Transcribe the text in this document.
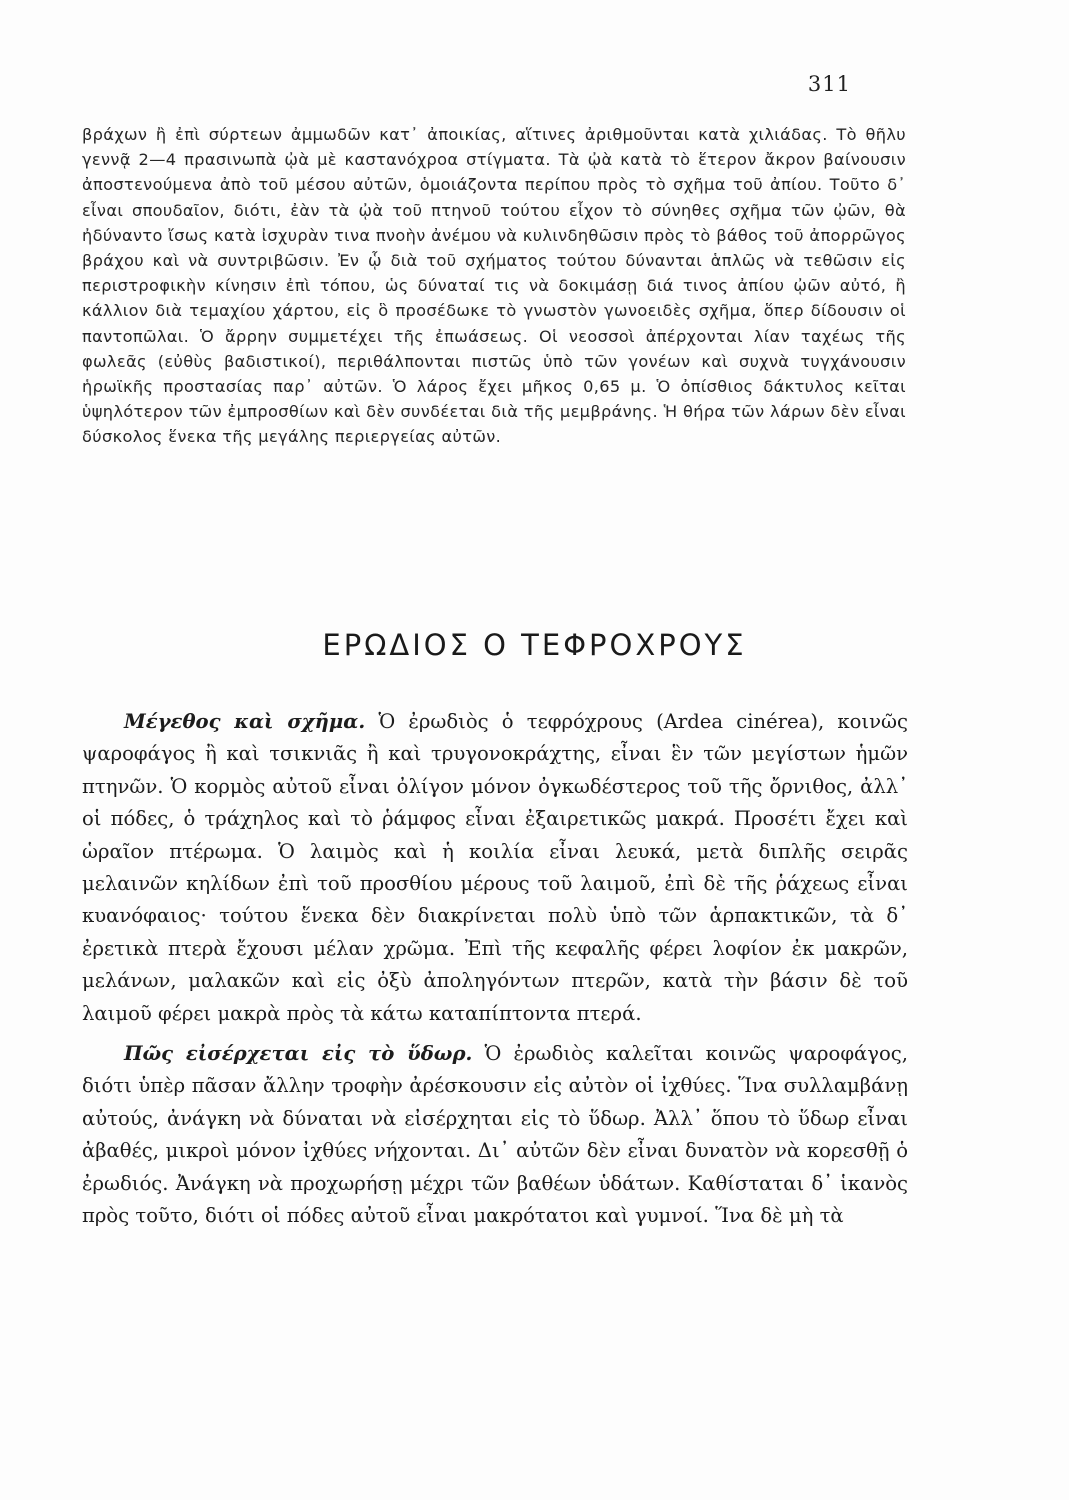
311

βράχων ἢ ἐπὶ σύρτεων ἀμμωδῶν κατ᾽ ἀποικίας, αἵτινες ἀριθμοῦνται κατὰ χιλιάδας. Τὸ θῆλυ γεννᾷ 2—4 πρασινωπὰ ᾠὰ μὲ καστανόχροα στίγματα. Τὰ ᾠὰ κατὰ τὸ ἕτερον ἄκρον βαίνουσιν ἀποστενούμενα ἀπὸ τοῦ μέσου αὐτῶν, ὁμοιάζοντα περίπου πρὸς τὸ σχῆμα τοῦ ἀπίου. Τοῦτο δ᾽ εἶναι σπουδαῖον, διότι, ἐὰν τὰ ᾠὰ τοῦ πτηνοῦ τούτου εἶχον τὸ σύνηθες σχῆμα τῶν ᾠῶν, θὰ ἠδύναντο ἴσως κατὰ ἰσχυρὰν τινα πνοὴν ἀνέμου νὰ κυλινδηθῶσιν πρὸς τὸ βάθος τοῦ ἀπορρῶγος βράχου καὶ νὰ συντριβῶσιν. Ἐν ᾧ διὰ τοῦ σχήματος τούτου δύνανται ἁπλῶς νὰ τεθῶσιν εἰς περιστροφικὴν κίνησιν ἐπὶ τόπου, ὡς δύναταί τις νὰ δοκιμάσῃ διά τινος ἀπίου ᾠῶν αὐτό, ἢ κάλλιον διὰ τεμαχίου χάρτου, εἰς ὃ προσέδωκε τὸ γνωστὸν γωνοειδὲς σχῆμα, ὅπερ δίδουσιν οἱ παντοπῶλαι. Ὁ ἄρρην συμμετέχει τῆς ἐπωάσεως. Οἱ νεοσσοὶ ἀπέρχονται λίαν ταχέως τῆς φωλεᾶς (εὐθὺς βαδιστικοί), περιθάλπονται πιστῶς ὑπὸ τῶν γονέων καὶ συχνὰ τυγχάνουσιν ἡρωϊκῆς προστασίας παρ᾽ αὐτῶν. Ὁ λάρος ἔχει μῆκος 0,65 μ. Ὁ ὀπίσθιος δάκτυλος κεῖται ὑψηλότερον τῶν ἐμπροσθίων καὶ δὲν συνδέεται διὰ τῆς μεμβράνης. Ἡ θήρα τῶν λάρων δὲν εἶναι δύσκολος ἕνεκα τῆς μεγάλης περιεργείας αὐτῶν.

ΕΡΩΔΙΟΣ Ο ΤΕΦΡΟΧΡΟΥΣ

Μέγεθος καὶ σχῆμα. Ὁ ἐρωδιὸς ὁ τεφρόχρους (Ardea cinérea), κοινῶς ψαροφάγος ἢ καὶ τσικνιᾶς ἢ καὶ τρυγονοκράχτης, εἶναι ἓν τῶν μεγίστων ἡμῶν πτηνῶν. Ὁ κορμὸς αὐτοῦ εἶναι ὀλίγον μόνον ὀγκωδέστερος τοῦ τῆς ὄρνιθος, ἀλλ᾽ οἱ πόδες, ὁ τράχηλος καὶ τὸ ῥάμφος εἶναι ἐξαιρετικῶς μακρά. Προσέτι ἔχει καὶ ὡραῖον πτέρωμα. Ὁ λαιμὸς καὶ ἡ κοιλία εἶναι λευκά, μετὰ διπλῆς σειρᾶς μελαινῶν κηλίδων ἐπὶ τοῦ προσθίου μέρους τοῦ λαιμοῦ, ἐπὶ δὲ τῆς ῥάχεως εἶναι κυανόφαιος· τούτου ἕνεκα δὲν διακρίνεται πολὺ ὑπὸ τῶν ἁρπακτικῶν, τὰ δ᾽ ἐρετικὰ πτερὰ ἔχουσι μέλαν χρῶμα. Ἐπὶ τῆς κεφαλῆς φέρει λοφίον ἐκ μακρῶν, μελάνων, μαλακῶν καὶ εἰς ὀξὺ ἀποληγόντων πτερῶν, κατὰ τὴν βάσιν δὲ τοῦ λαιμοῦ φέρει μακρὰ πρὸς τὰ κάτω καταπίπτοντα πτερά.

Πῶς εἰσέρχεται εἰς τὸ ὕδωρ. Ὁ ἐρωδιὸς καλεῖται κοινῶς ψαροφάγος, διότι ὑπὲρ πᾶσαν ἄλλην τροφὴν ἀρέσκουσιν εἰς αὐτὸν οἱ ἰχθύες. Ἵνα συλλαμβάνῃ αὐτούς, ἀνάγκη νὰ δύναται νὰ εἰσέρχηται εἰς τὸ ὕδωρ. Ἀλλ᾽ ὅπου τὸ ὕδωρ εἶναι ἀβαθές, μικροὶ μόνον ἰχθύες νήχονται. Δι᾽ αὐτῶν δὲν εἶναι δυνατὸν νὰ κορεσθῇ ὁ ἐρωδιός. Ἀνάγκη νὰ προχωρήσῃ μέχρι τῶν βαθέων ὑδάτων. Καθίσταται δ᾽ ἱκανὸς πρὸς τοῦτο, διότι οἱ πόδες αὐτοῦ εἶναι μακρότατοι καὶ γυμνοί. Ἵνα δὲ μὴ τὰ
